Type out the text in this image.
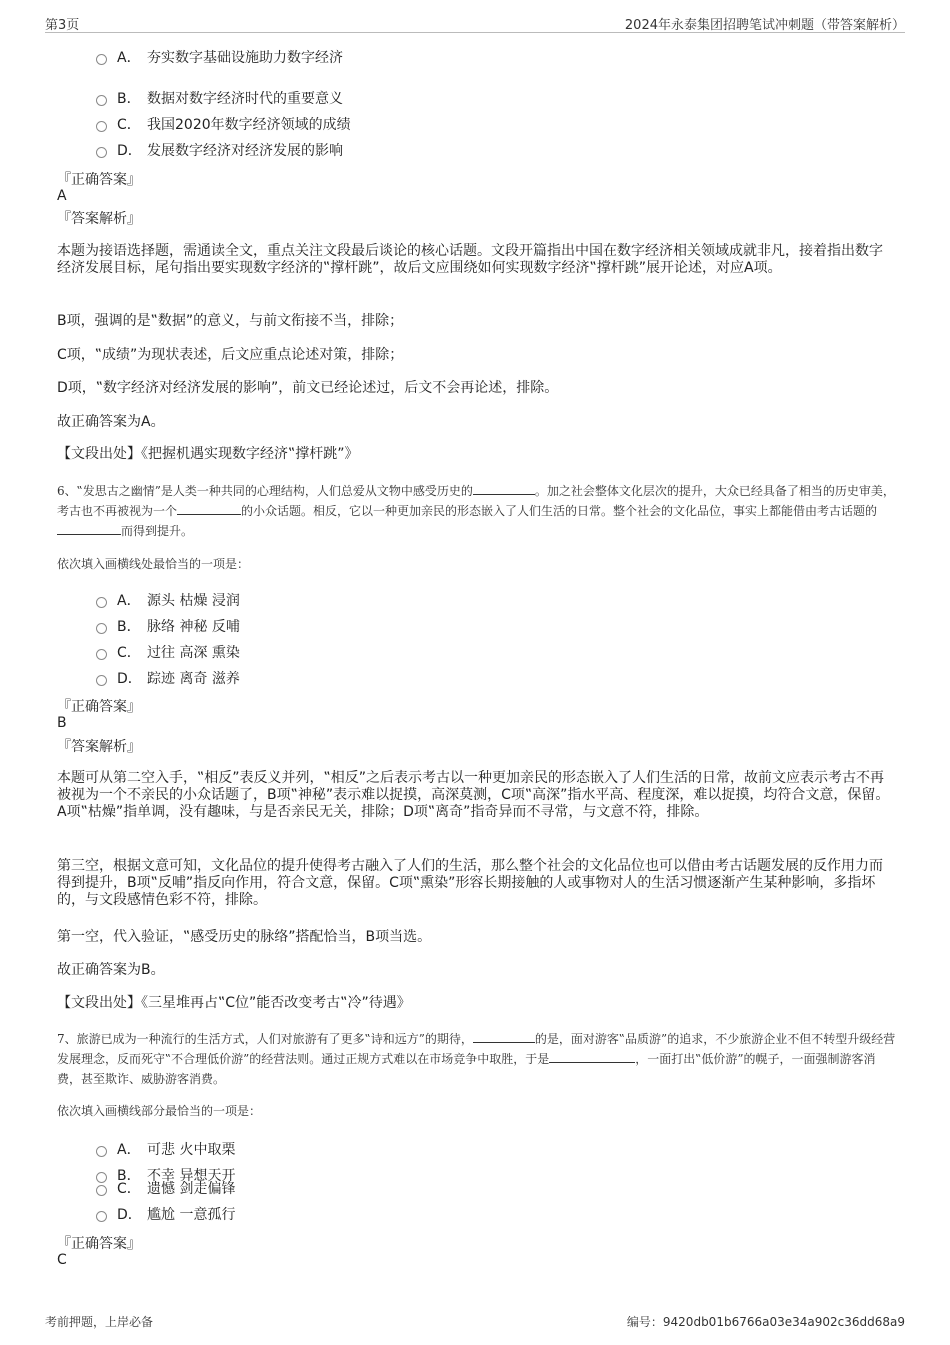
第3页	2024年永泰集团招聘笔试冲刺题（带答案解析）
A． 夯实数字基础设施助力数字经济
B． 数据对数字经济时代的重要意义
C． 我国2020年数字经济领域的成绩
D． 发展数字经济对经济发展的影响
『正确答案』
A
『答案解析』
本题为接语选择题，需通读全文，重点关注文段最后谈论的核心话题。文段开篇指出中国在数字经济相关领域成就非凡，接着指出数字经济发展目标，尾句指出要实现数字经济的‟撑杆跳”，故后文应围绕如何实现数字经济‟撑杆跳”展开论述，对应A项。
B项，强调的是‟数据”的意义，与前文衔接不当，排除；
C项，‟成绩”为现状表述，后文应重点论述对策，排除；
D项，‟数字经济对经济发展的影响”，前文已经论述过，后文不会再论述，排除。
故正确答案为A。
【文段出处】《把握机遇实现数字经济‟撑杆跳”》
6、‟发思古之幽情”是人类一种共同的心理结构，人们总爱从文物中感受历史的	。加之社会整体文化层次的提升，大众已经具备了相当的历史审美，考古也不再被视为一个	的小众话题。相反，它以一种更加亲民的形态嵌入了人们生活的日常。整个社会的文化品位，事实上都能借由考古话题的而得到提升。
依次填入画横线处最恰当的一项是：
A． 源头 枯燥 浸润
B． 脉络 神秘 反哺
C． 过往 高深 熏染
D． 踪迹 离奇 滋养
『正确答案』
B
『答案解析』
本题可从第二空入手，‟相反”表反义并列，‟相反”之后表示考古以一种更加亲民的形态嵌入了人们生活的日常，故前文应表示考古不再被视为一个不亲民的小众话题了，B项‟神秘”表示难以捉摸，高深莫测，C项‟高深”指水平高、程度深，难以捉摸，均符合文意，保留。A项‟枯燥”指单调，没有趣味，与是否亲民无关，排除；D项‟离奇”指奇异而不寻常，与文意不符，排除。
第三空，根据文意可知，文化品位的提升使得考古融入了人们的生活，那么整个社会的文化品位也可以借由考古话题发展的反作用力而得到提升，B项‟反哺”指反向作用，符合文意，保留。C项‟熏染”形容长期接触的人或事物对人的生活习惯逐渐产生某种影响，多指坏的，与文段感情色彩不符，排除。
第一空，代入验证，‟感受历史的脉络”搭配恰当，B项当选。
故正确答案为B。
【文段出处】《三星堆再占‟C位”能否改变考古‟冷”待遇》
7、旅游已成为一种流行的生活方式，人们对旅游有了更多‟诗和远方”的期待，	的是，面对游客‟品质游”的追求，不少旅游企业不但不转型升级经营发展理念，反而死守‟不合理低价游”的经营法则。通过正规方式难以在市场竞争中取胜，于是	，一面打出‟低价游”的幌子，一面强制游客消费，甚至欺诈、威胁游客消费。
依次填入画横线部分最恰当的一项是：
A． 可悲 火中取栗
B． 不幸 异想天开
C． 遗憾 剑走偏锋
D． 尴尬 一意孤行
『正确答案』
C
考前押题，上岸必备	编号：9420db01b6766a03e34a902c36dd68a9
